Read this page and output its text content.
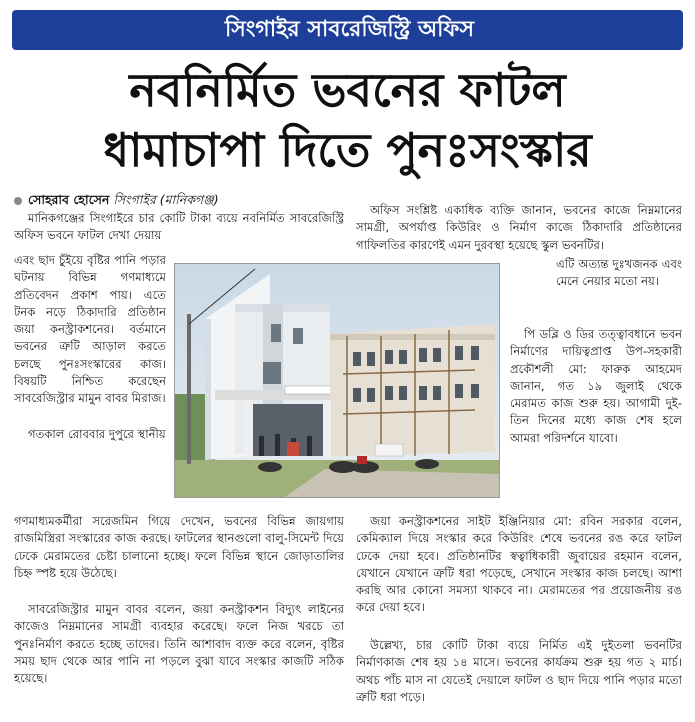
সিংগাইর সাবরেজিস্ট্রি অফিস
নবনির্মিত ভবনের ফাটল
ধামাচাপা দিতে পুনঃসংস্কার
সোহরাব হোসেন সিংগাইর (মানিকগঞ্জ)
মানিকগঞ্জের সিংগাইরে চার কোটি টাকা ব্যয়ে নবনির্মিত সাবরেজিস্ট্রি অফিস ভবনে ফাটল দেখা দেয়ায়
এবং ছাদ চুঁইয়ে বৃষ্টির পানি পড়ার ঘটনায় বিভিন্ন গণমাধ্যমে প্রতিবেদন প্রকাশ পায়। এতে টনক নড়ে ঠিকাদারি প্রতিষ্ঠান জয়া কনস্ট্রাকশনের। বর্তমানে ভবনের ত্রুটি আড়াল করতে চলছে পুনঃসংস্কারের কাজ। বিষয়টি নিশ্চিত করেছেন সাবরেজিস্ট্রার মামুন বাবর মিরাজ।
গতকাল রোববার দুপুরে স্থানীয়
গণমাধ্যমকর্মীরা সরেজমিন গিয়ে দেখেন, ভবনের বিভিন্ন জায়গায় রাজমিস্ত্রিরা সংস্কারের কাজ করছে। ফাটলের স্থানগুলো বালু-সিমেন্ট দিয়ে ঢেকে মেরামতের চেষ্টা চালানো হচ্ছে। ফলে বিভিন্ন স্থানে জোড়াতালির চিহ্ন স্পষ্ট হয়ে উঠেছে।
সাবরেজিস্ট্রার মামুন বাবর বলেন, জয়া কনস্ট্রাকশন বিদ্যুৎ লাইনের কাজেও নিম্নমানের সামগ্রী ব্যবহার করেছে। ফলে নিজ খরচে তা পুনঃনির্মাণ করতে হচ্ছে তাদের। তিনি আশাবাদ ব্যক্ত করে বলেন, বৃষ্টির সময় ছাদ থেকে আর পানি না পড়লে বুঝা যাবে সংস্কার কাজটি সঠিক হয়েছে।
অফিস সংশ্লিষ্ট একাধিক ব্যক্তি জানান, ভবনের কাজে নিম্নমানের সামগ্রী, অপর্যাপ্ত কিউরিং ও নির্মাণ কাজে ঠিকাদারি প্রতিষ্ঠানের গাফিলতির কারণেই এমন দুরবস্থা হয়েছে স্কুল ভবনটির।
এটি অত্যন্ত দুঃখজনক এবং মেনে নেয়ার মতো নয়।
পি ডব্লি ও ডির তত্ত্বাবধানে ভবন নির্মাণের দায়িত্বপ্রাপ্ত উপ-সহকারী প্রকৌশলী মো: ফারুক আহমেদ জানান, গত ১৯ জুলাই থেকে মেরামত কাজ শুরু হয়। আগামী দুই-তিন দিনের মধ্যে কাজ শেষ হলে আমরা পরিদর্শনে যাবো।
জয়া কনস্ট্রাকশনের সাইট ইঞ্জিনিয়ার মো: রবিন সরকার বলেন, কেমিক্যাল দিয়ে সংস্কার করে কিউরিং শেষে ভবনের রঙ করে ফাটল ঢেকে দেয়া হবে। প্রতিষ্ঠানটির স্বত্বাধিকারী জুবায়ের রহমান বলেন, যেখানে যেখানে ত্রুটি ধরা পড়েছে, সেখানে সংস্কার কাজ চলছে। আশা করছি আর কোনো সমস্যা থাকবে না। মেরামতের পর প্রয়োজনীয় রঙ করে দেয়া হবে।
উল্লেখ্য, চার কোটি টাকা ব্যয়ে নির্মিত এই দুইতলা ভবনটির নির্মাণকাজ শেষ হয় ১৪ মাসে। ভবনের কার্যক্রম শুরু হয় গত ২ মার্চ। অথচ পাঁচ মাস না যেতেই দেয়ালে ফাটল ও ছাদ দিয়ে পানি পড়ার মতো ত্রুটি ধরা পড়ে।
